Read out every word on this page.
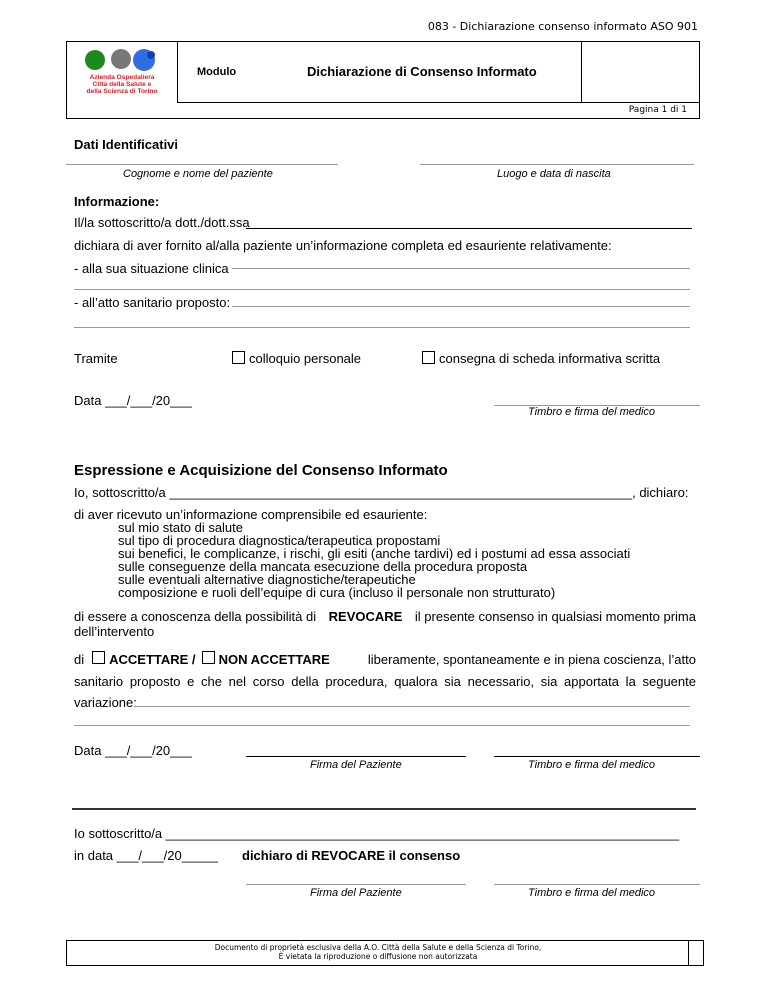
083 - Dichiarazione consenso informato ASO 901
Azienda Ospedaliera
Città della Salute e
della Scienza di Torino
Modulo	Dichiarazione di Consenso Informato
Pagina 1 di 1
Dati Identificativi
Cognome e nome del paziente	Luogo e data di nascita
Informazione:
Il/la sottoscritto/a dott./dott.ssa
dichiara di aver fornito al/alla paziente un’informazione completa ed esauriente relativamente:
- alla sua situazione clinica
- all’atto sanitario proposto:
Tramite	colloquio personale	consegna di scheda informativa scritta
Data ___/___/20___
Timbro e firma del medico
Espressione e Acquisizione del Consenso Informato
Io, sottoscritto/a ________________________________________________________________, dichiaro:
di aver ricevuto un’informazione comprensibile ed esauriente:
sul mio stato di salute
sul tipo di procedura diagnostica/terapeutica propostami
sui benefici, le complicanze, i rischi, gli esiti (anche tardivi) ed i postumi ad essa associati
sulle conseguenze della mancata esecuzione della procedura proposta
sulle eventuali alternative diagnostiche/terapeutiche
composizione e ruoli dell’equipe di cura (incluso il personale non strutturato)
di essere a conoscenza della possibilità di REVOCARE il presente consenso in qualsiasi momento prima
dell’intervento
di ACCETTARE / NON ACCETTARE	liberamente, spontaneamente e in piena coscienza, l’atto
sanitario proposto e che nel corso della procedura, qualora sia necessario, sia apportata la seguente
variazione:
Data ___/___/20___
Firma del Paziente	Timbro e firma del medico
Io sottoscritto/a _______________________________________________________________________
in data ___/___/20_____ dichiaro di REVOCARE il consenso
Firma del Paziente	Timbro e firma del medico
Documento di proprietà esclusiva della A.O. Città della Salute e della Scienza di Torino,
È vietata la riproduzione o diffusione non autorizzata
